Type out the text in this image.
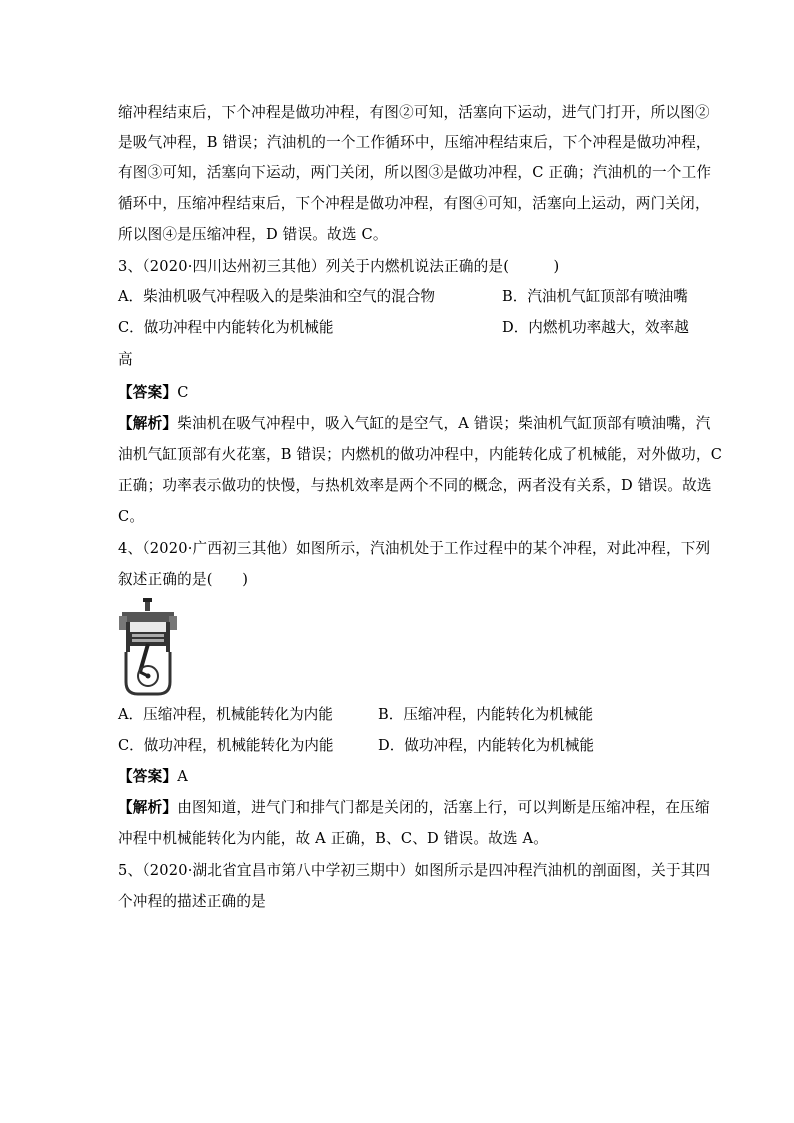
缩冲程结束后，下个冲程是做功冲程，有图②可知，活塞向下运动，进气门打开，所以图②
是吸气冲程，B 错误；汽油机的一个工作循环中，压缩冲程结束后，下个冲程是做功冲程，
有图③可知，活塞向下运动，两门关闭，所以图③是做功冲程，C 正确；汽油机的一个工作
循环中，压缩冲程结束后，下个冲程是做功冲程，有图④可知，活塞向上运动，两门关闭，
所以图④是压缩冲程，D 错误。故选 C。
3、（2020·四川达州初三其他）列关于内燃机说法正确的是(　　　)
A．柴油机吸气冲程吸入的是柴油和空气的混合物	B．汽油机气缸顶部有喷油嘴
C．做功冲程中内能转化为机械能	D．内燃机功率越大，效率越
高
【答案】C
【解析】柴油机在吸气冲程中，吸入气缸的是空气，A 错误；柴油机气缸顶部有喷油嘴，汽
油机气缸顶部有火花塞，B 错误；内燃机的做功冲程中，内能转化成了机械能，对外做功，C
正确；功率表示做功的快慢，与热机效率是两个不同的概念，两者没有关系，D 错误。故选
C。
4、（2020·广西初三其他）如图所示，汽油机处于工作过程中的某个冲程，对此冲程，下列
叙述正确的是(　　)
A．压缩冲程，机械能转化为内能	B．压缩冲程，内能转化为机械能
C．做功冲程，机械能转化为内能	D．做功冲程，内能转化为机械能
【答案】A
【解析】由图知道，进气门和排气门都是关闭的，活塞上行，可以判断是压缩冲程，在压缩
冲程中机械能转化为内能，故 A 正确，B、C、D 错误。故选 A。
5、（2020·湖北省宜昌市第八中学初三期中）如图所示是四冲程汽油机的剖面图，关于其四
个冲程的描述正确的是
